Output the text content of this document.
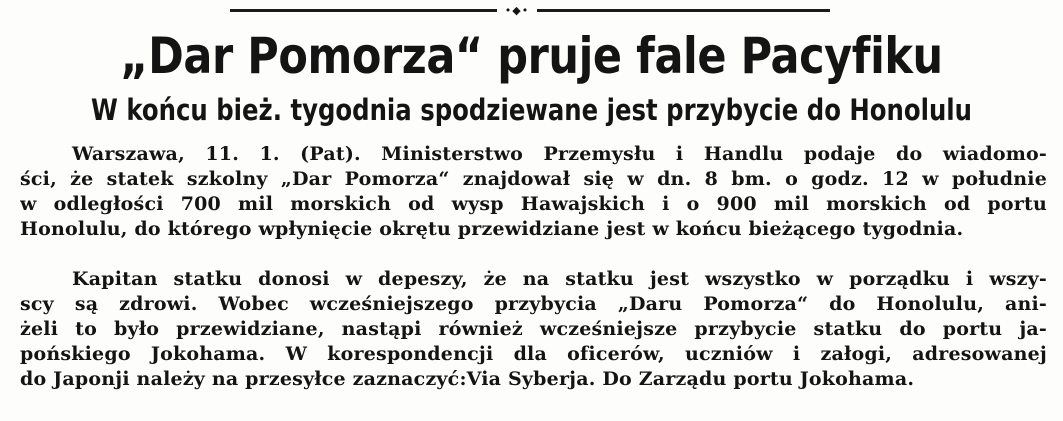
•◆•
„Dar Pomorza“ pruje fale Pacyfiku
W końcu bież. tygodnia spodziewane jest przybycie do Honolulu

Warszawa, 11. 1. (Pat). Ministerstwo Przemysłu i Handlu podaje do wiadomo-
ści, że statek szkolny „Dar Pomorza“ znajdował się w dn. 8 bm. o godz. 12 w południe
w odległości 700 mil morskich od wysp Hawajskich i o 900 mil morskich od portu
Honolulu, do którego wpłynięcie okrętu przewidziane jest w końcu bieżącego tygodnia.

Kapitan statku donosi w depeszy, że na statku jest wszystko w porządku i wszy-
scy są zdrowi. Wobec wcześniejszego przybycia „Daru Pomorza“ do Honolulu, ani-
żeli to było przewidziane, nastąpi również wcześniejsze przybycie statku do portu ja-
pońskiego Jokohama. W korespondencji dla oficerów, uczniów i załogi, adresowanej
do Japonji należy na przesyłce zaznaczyć:Via Syberja. Do Zarządu portu Jokohama.
